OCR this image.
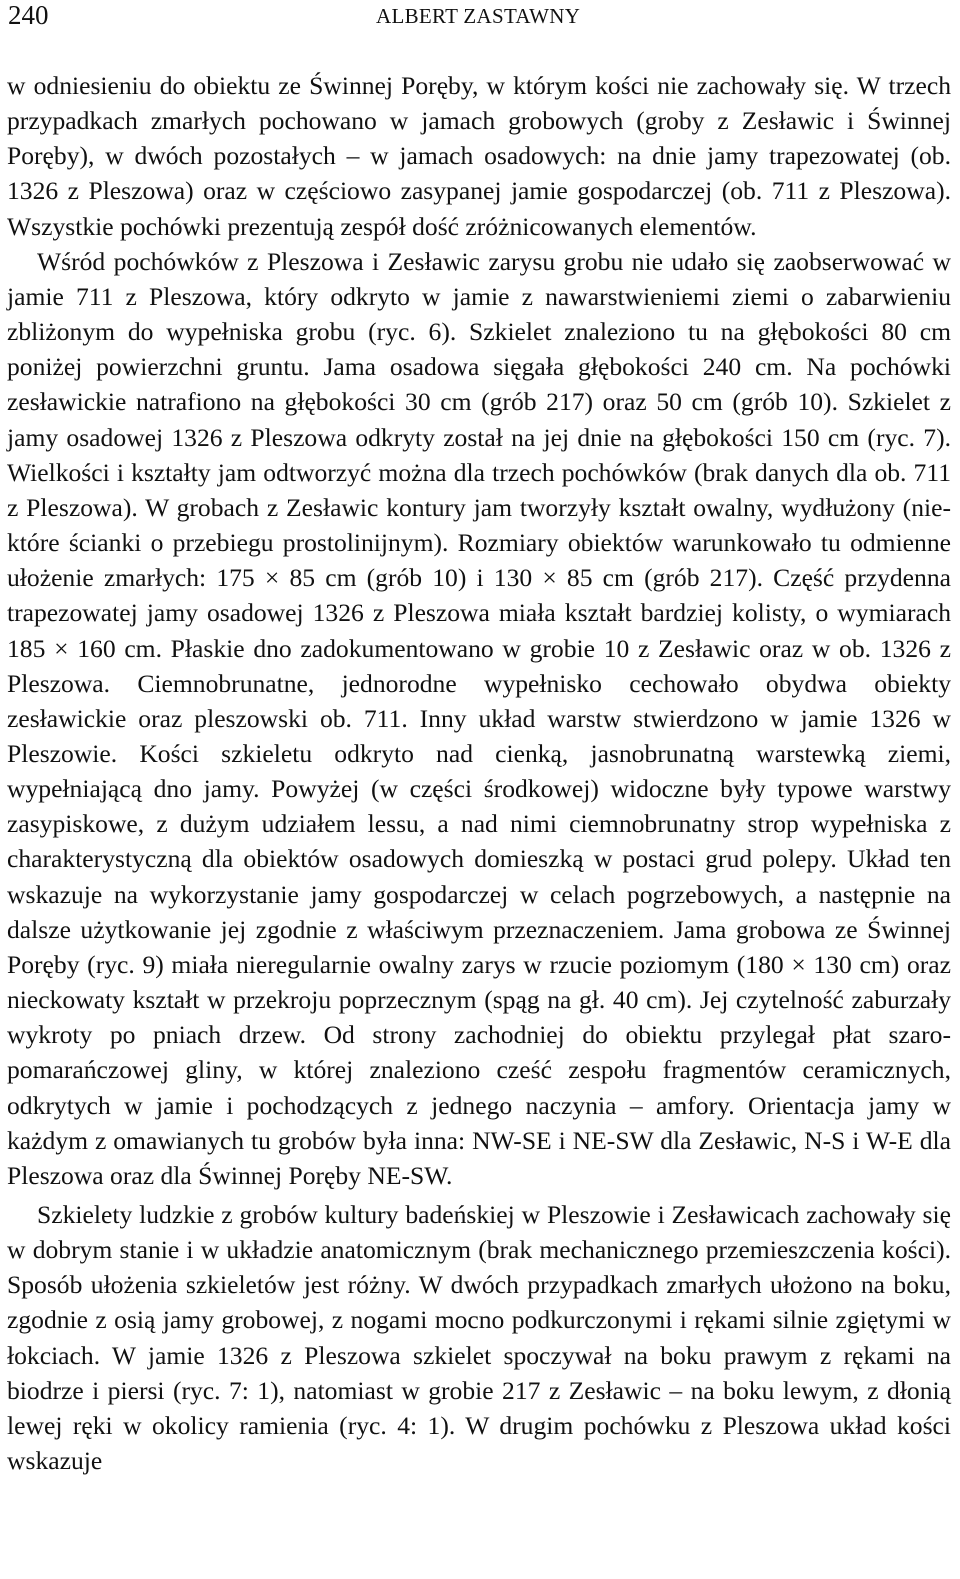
240	ALBERT ZASTAWNY

w odniesieniu do obiektu ze Świnnej Poręby, w którym kości nie zachowały się. W trzech przypadkach zmarłych pochowano w jamach grobowych (groby z Zesławic i Świnnej Poręby), w dwóch pozostałych – w jamach osadowych: na dnie jamy trapezowatej (ob. 1326 z Pleszowa) oraz w częściowo zasypanej jamie gospodarczej (ob. 711 z Pleszowa). Wszystkie pochówki prezentują zespół dość zróżnicowanych elementów.

Wśród pochówków z Pleszowa i Zesławic zarysu grobu nie udało się zaobserwować w jamie 711 z Pleszowa, który odkryto w jamie z nawarstwieniemi ziemi o zabarwieniu zbliżonym do wypełniska grobu (ryc. 6). Szkielet znaleziono tu na głębokości 80 cm poniżej powierzchni gruntu. Jama osadowa sięgała głębokości 240 cm. Na pochówki zesławickie natrafiono na głębokości 30 cm (grób 217) oraz 50 cm (grób 10). Szkielet z jamy osadowej 1326 z Pleszowa odkryty został na jej dnie na głębokości 150 cm (ryc. 7). Wielkości i kształty jam odtworzyć można dla trzech pochówków (brak danych dla ob. 711 z Pleszowa). W grobach z Zesławic kontury jam tworzyły kształt owalny, wydłużony (niektóre ścianki o przebiegu prostolinijnym). Rozmiary obiektów warunkowało tu odmienne ułożenie zmarłych: 175 × 85 cm (grób 10) i 130 × 85 cm (grób 217). Część przydenna trapezowatej jamy osadowej 1326 z Pleszowa miała kształt bardziej kolisty, o wymiarach 185 × 160 cm. Płaskie dno zadokumentowano w grobie 10 z Zesławic oraz w ob. 1326 z Pleszowa. Ciemnobrunatne, jednorodne wypełnisko cechowało obydwa obiekty zesławickie oraz pleszowski ob. 711. Inny układ warstw stwierdzono w jamie 1326 w Pleszowie. Kości szkieletu odkryto nad cienką, jasnobrunatną warstewką ziemi, wypełniającą dno jamy. Powyżej (w części środkowej) widoczne były typowe warstwy zasypiskowe, z dużym udziałem lessu, a nad nimi ciemnobrunatny strop wypełniska z charakterystyczną dla obiektów osadowych domieszką w postaci grud polepy. Układ ten wskazuje na wykorzystanie jamy gospodarczej w celach pogrzebowych, a następnie na dalsze użytkowanie jej zgodnie z właściwym przeznaczeniem. Jama grobowa ze Świnnej Poręby (ryc. 9) miała nieregularnie owalny zarys w rzucie poziomym (180 × 130 cm) oraz nieckowaty kształt w przekroju poprzecznym (spąg na gł. 40 cm). Jej czytelność zaburzały wykroty po pniach drzew. Od strony zachodniej do obiektu przylegał płat szaro-pomarańczowej gliny, w której znaleziono cześć zespołu fragmentów ceramicznych, odkrytych w jamie i pochodzących z jednego naczynia – amfory. Orientacja jamy w każdym z omawianych tu grobów była inna: NW-SE i NE-SW dla Zesławic, N-S i W-E dla Pleszowa oraz dla Świnnej Poręby NE-SW.

Szkielety ludzkie z grobów kultury badeńskiej w Pleszowie i Zesławicach zachowały się w dobrym stanie i w układzie anatomicznym (brak mechanicznego przemieszczenia kości). Sposób ułożenia szkieletów jest różny. W dwóch przypadkach zmarłych ułożono na boku, zgodnie z osią jamy grobowej, z nogami mocno podkurczonymi i rękami silnie zgiętymi w łokciach. W jamie 1326 z Pleszowa szkielet spoczywał na boku prawym z rękami na biodrze i piersi (ryc. 7: 1), natomiast w grobie 217 z Zesławic – na boku lewym, z dłonią lewej ręki w okolicy ramienia (ryc. 4: 1). W drugim pochówku z Pleszowa układ kości wskazuje
